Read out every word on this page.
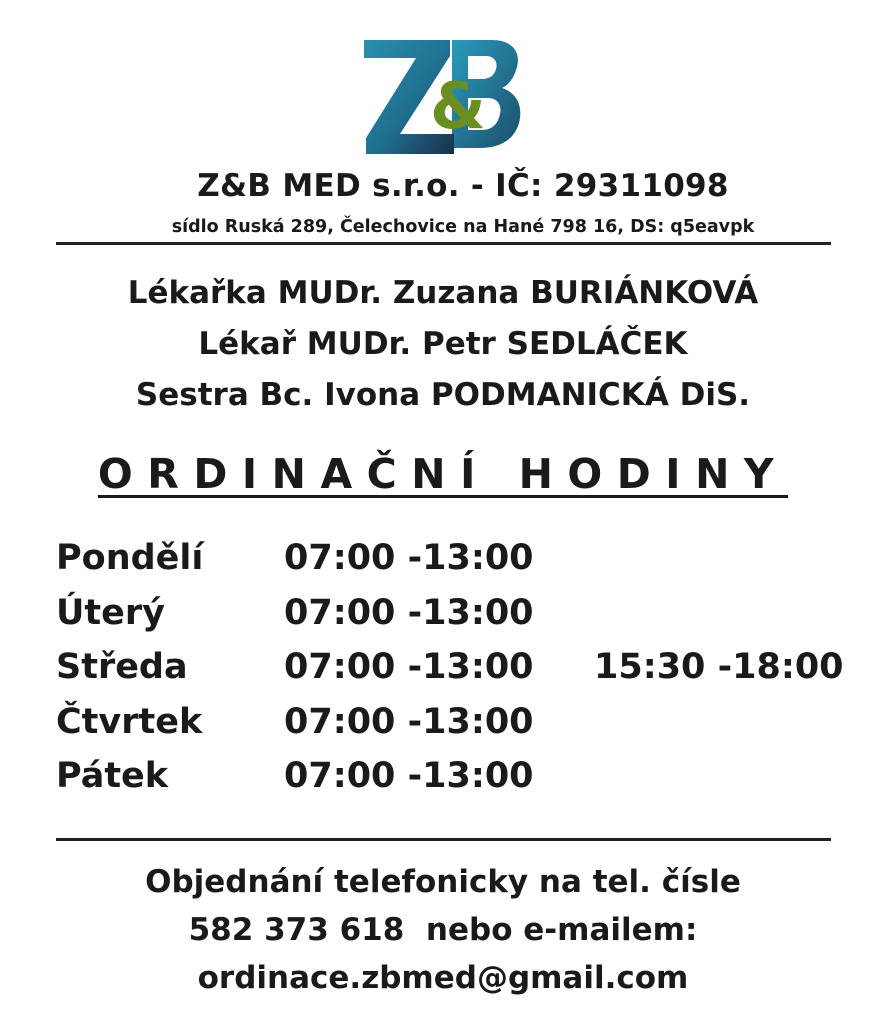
&
Z&B MED s.r.o. - IČ: 29311098
sídlo Ruská 289, Čelechovice na Hané 798 16, DS: q5eavpk
Lékařka MUDr. Zuzana BURIÁNKOVÁ
Lékař MUDr. Petr SEDLÁČEK
Sestra Bc. Ivona PODMANICKÁ DiS.
ORDINAČNÍ HODINY
Pondělí 07:00 -13:00
Úterý	07:00 -13:00
Středa	07:00 -13:00 15:30 -18:00
Čtvrtek 07:00 -13:00
Pátek	07:00 -13:00
Objednání telefonicky na tel. čísle
582 373 618  nebo e-mailem:
ordinace.zbmed@gmail.com
